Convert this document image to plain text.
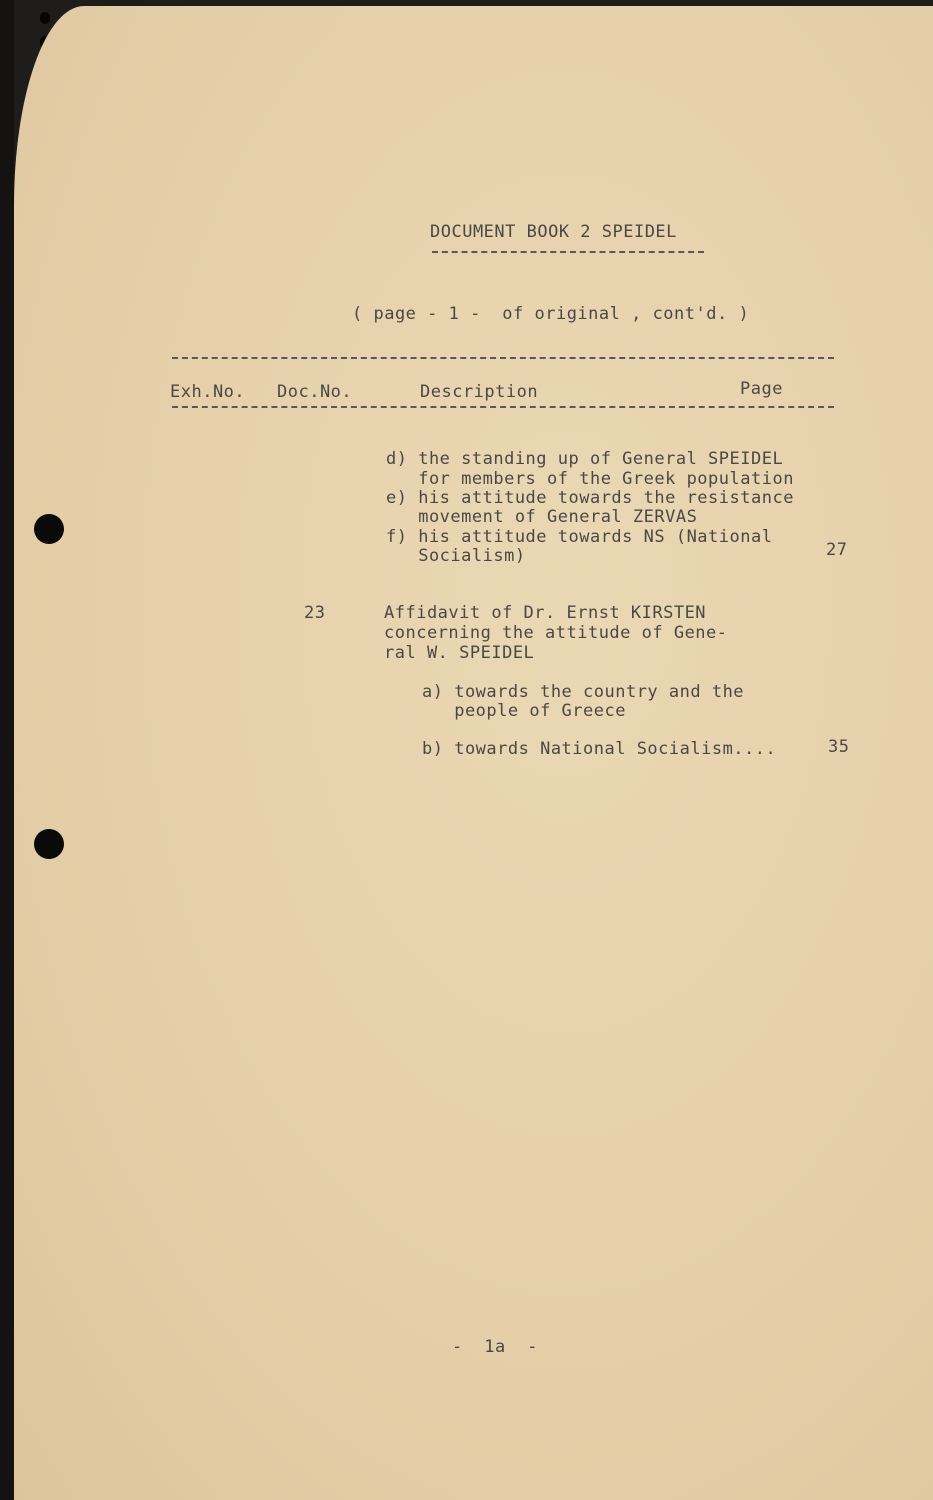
DOCUMENT BOOK 2 SPEIDEL
( page - 1 -  of original , cont'd. )
Exh.No. Doc.No.	Description	Page
d) the standing up of General SPEIDEL
for members of the Greek population
e) his attitude towards the resistance
movement of General ZERVAS
f) his attitude towards NS (National
Socialism)	27
23	Affidavit of Dr. Ernst KIRSTEN
concerning the attitude of Gene-
ral W. SPEIDEL
a) towards the country and the
people of Greece
b) towards National Socialism....	35
-  1a  -
